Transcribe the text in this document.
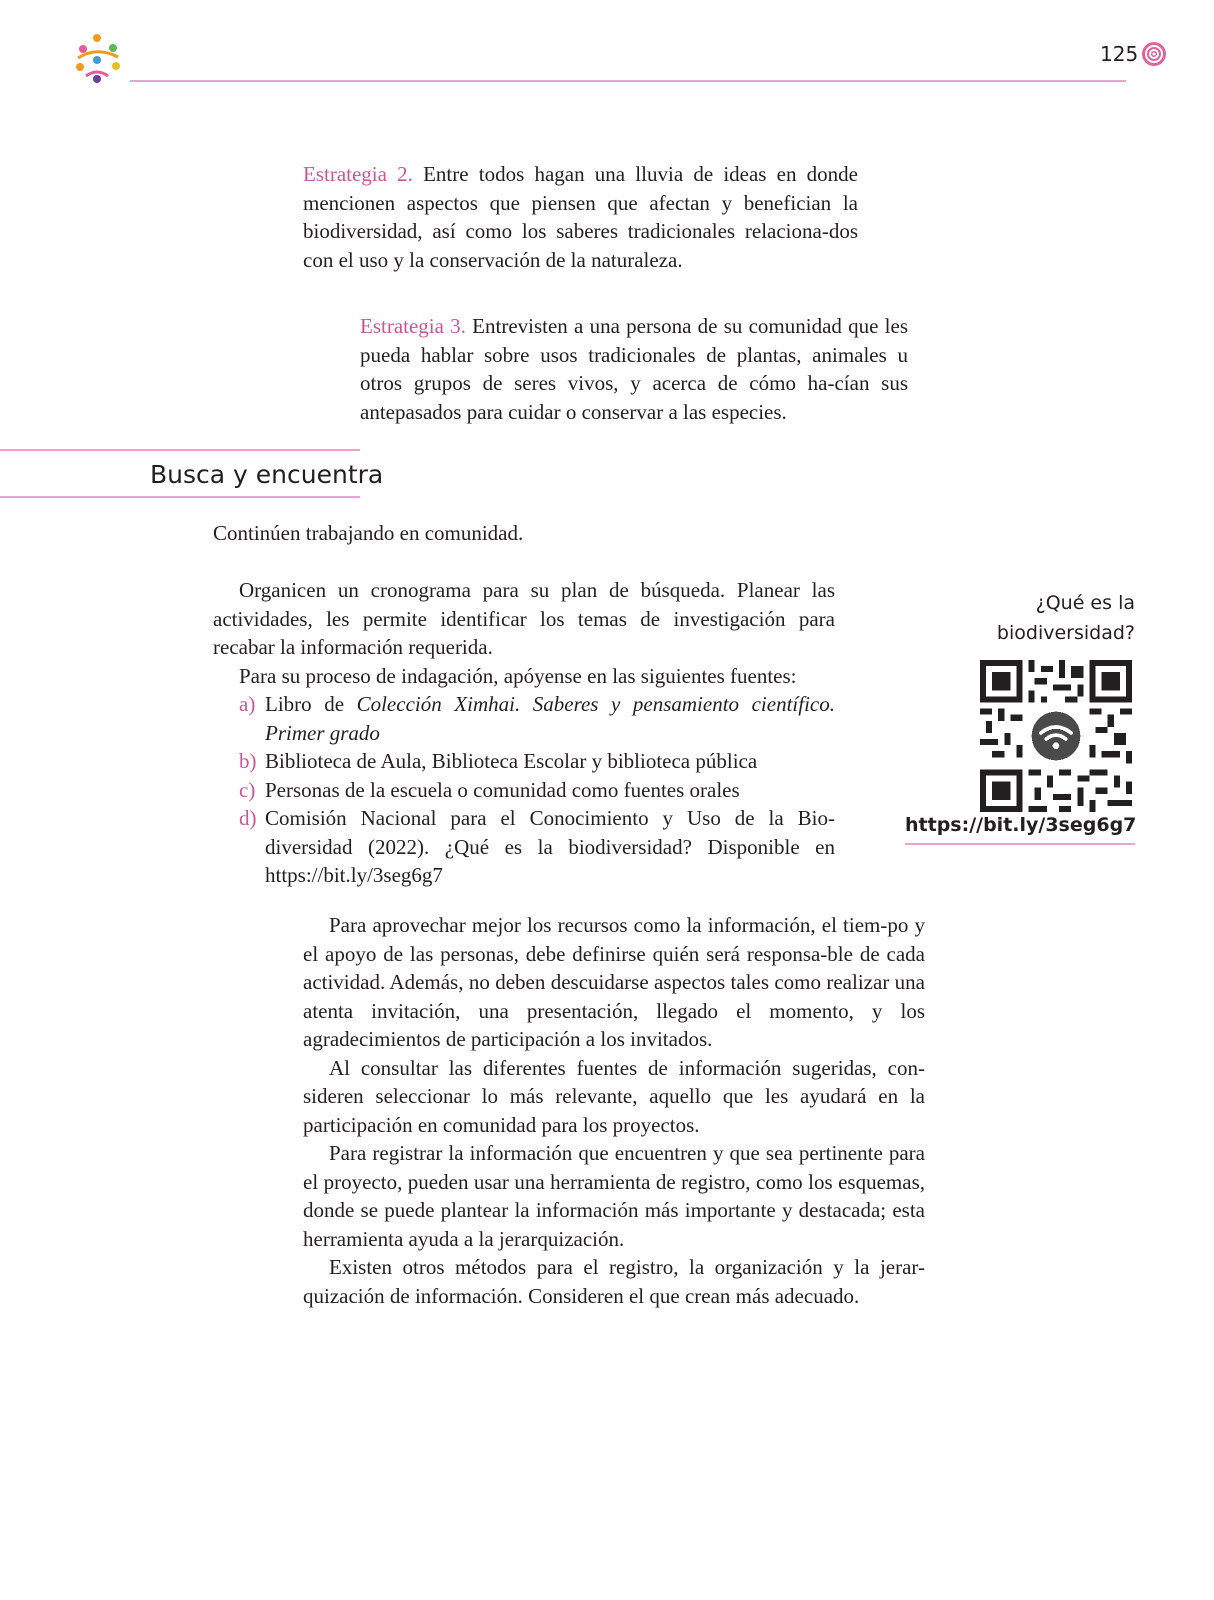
125

Estrategia 2. Entre todos hagan una lluvia de ideas en donde mencionen aspectos que piensen que afectan y benefician la biodiversidad, así como los saberes tradicionales relaciona-dos con el uso y la conservación de la naturaleza.

Estrategia 3. Entrevisten a una persona de su comunidad que les pueda hablar sobre usos tradicionales de plantas, animales u otros grupos de seres vivos, y acerca de cómo ha-cían sus antepasados para cuidar o conservar a las especies.

Busca y encuentra
Continúen trabajando en comunidad.

Organicen un cronograma para su plan de búsqueda. Planear las actividades, les permite identificar los temas de investigación para recabar la información requerida.

Para su proceso de indagación, apóyense en las siguientes fuentes:

a) Libro de Colección Ximhai. Saberes y pensamiento científico. Primer grado
b) Biblioteca de Aula, Biblioteca Escolar y biblioteca pública
c) Personas de la escuela o comunidad como fuentes orales
d) Comisión Nacional para el Conocimiento y Uso de la Bio-diversidad (2022). ¿Qué es la biodiversidad? Disponible en https://bit.ly/3seg6g7
¿Qué es la biodiversidad?
https://bit.ly/3seg6g7

Para aprovechar mejor los recursos como la información, el tiem-po y el apoyo de las personas, debe definirse quién será responsa-ble de cada actividad. Además, no deben descuidarse aspectos tales como realizar una atenta invitación, una presentación, llegado el momento, y los agradecimientos de participación a los invitados.

Al consultar las diferentes fuentes de información sugeridas, con-sideren seleccionar lo más relevante, aquello que les ayudará en la participación en comunidad para los proyectos.

Para registrar la información que encuentren y que sea pertinente para el proyecto, pueden usar una herramienta de registro, como los esquemas, donde se puede plantear la información más importante y destacada; esta herramienta ayuda a la jerarquización.

Existen otros métodos para el registro, la organización y la jerar-quización de información. Consideren el que crean más adecuado.
